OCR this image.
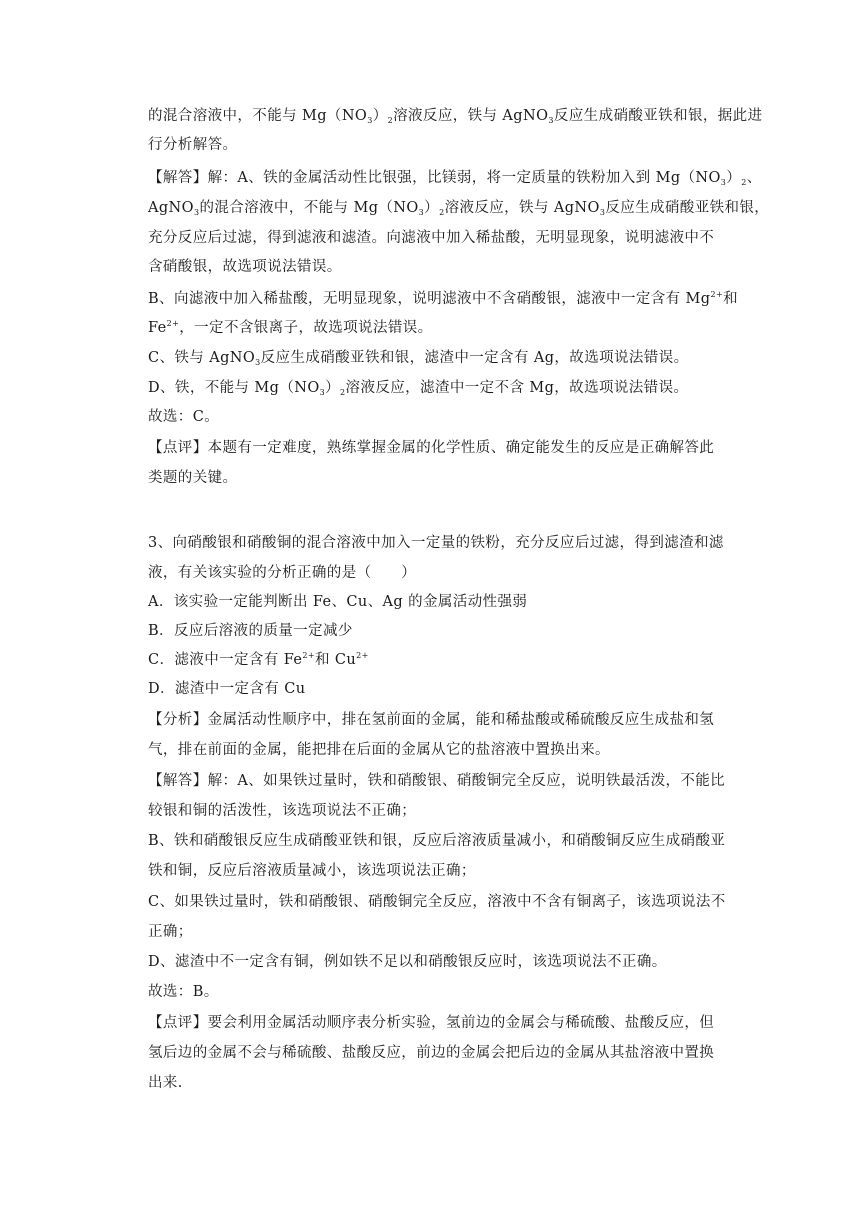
的混合溶液中，不能与 $Mg(NO_3)_2$溶液反应，铁与 AgNO$_3$反应生成硝酸亚铁和银，据此进
行分析解答。
【解答】解：A、铁的金属活动性比银强，比镁弱，将一定质量的铁粉加入到 $Mg(NO_3)_2$、
AgNO$_3$的混合溶液中，不能与 $Mg(NO_3)_2$溶液反应，铁与 AgNO$_3$反应生成硝酸亚铁和银，
充分反应后过滤，得到滤液和滤渣。向滤液中加入稀盐酸，无明显现象，说明滤液中不
含硝酸银，故选项说法错误。
B、向滤液中加入稀盐酸，无明显现象，说明滤液中不含硝酸银，滤液中一定含有 $Mg^{2+}$和
$Fe^{2+}$，一定不含银离子，故选项说法错误。
C、铁与 AgNO$_3$反应生成硝酸亚铁和银，滤渣中一定含有 Ag，故选项说法错误。
D、铁，不能与 $Mg(NO_3)_2$溶液反应，滤渣中一定不含 Mg，故选项说法错误。
故选：C。
【点评】本题有一定难度，熟练掌握金属的化学性质、确定能发生的反应是正确解答此
类题的关键。
3、向硝酸银和硝酸铜的混合溶液中加入一定量的铁粉，充分反应后过滤，得到滤渣和滤
液，有关该实验的分析正确的是（　　）
A．该实验一定能判断出 Fe、Cu、Ag 的金属活动性强弱
B．反应后溶液的质量一定减少
C．滤液中一定含有 $Fe^{2+}$和 $Cu^{2+}$
D．滤渣中一定含有 Cu
【分析】金属活动性顺序中，排在氢前面的金属，能和稀盐酸或稀硫酸反应生成盐和氢
气，排在前面的金属，能把排在后面的金属从它的盐溶液中置换出来。
【解答】解：A、如果铁过量时，铁和硝酸银、硝酸铜完全反应，说明铁最活泼，不能比
较银和铜的活泼性，该选项说法不正确；
B、铁和硝酸银反应生成硝酸亚铁和银，反应后溶液质量减小，和硝酸铜反应生成硝酸亚
铁和铜，反应后溶液质量减小，该选项说法正确；
C、如果铁过量时，铁和硝酸银、硝酸铜完全反应，溶液中不含有铜离子，该选项说法不
正确；
D、滤渣中不一定含有铜，例如铁不足以和硝酸银反应时，该选项说法不正确。
故选：B。
【点评】要会利用金属活动顺序表分析实验，氢前边的金属会与稀硫酸、盐酸反应，但
氢后边的金属不会与稀硫酸、盐酸反应，前边的金属会把后边的金属从其盐溶液中置换
出来.
